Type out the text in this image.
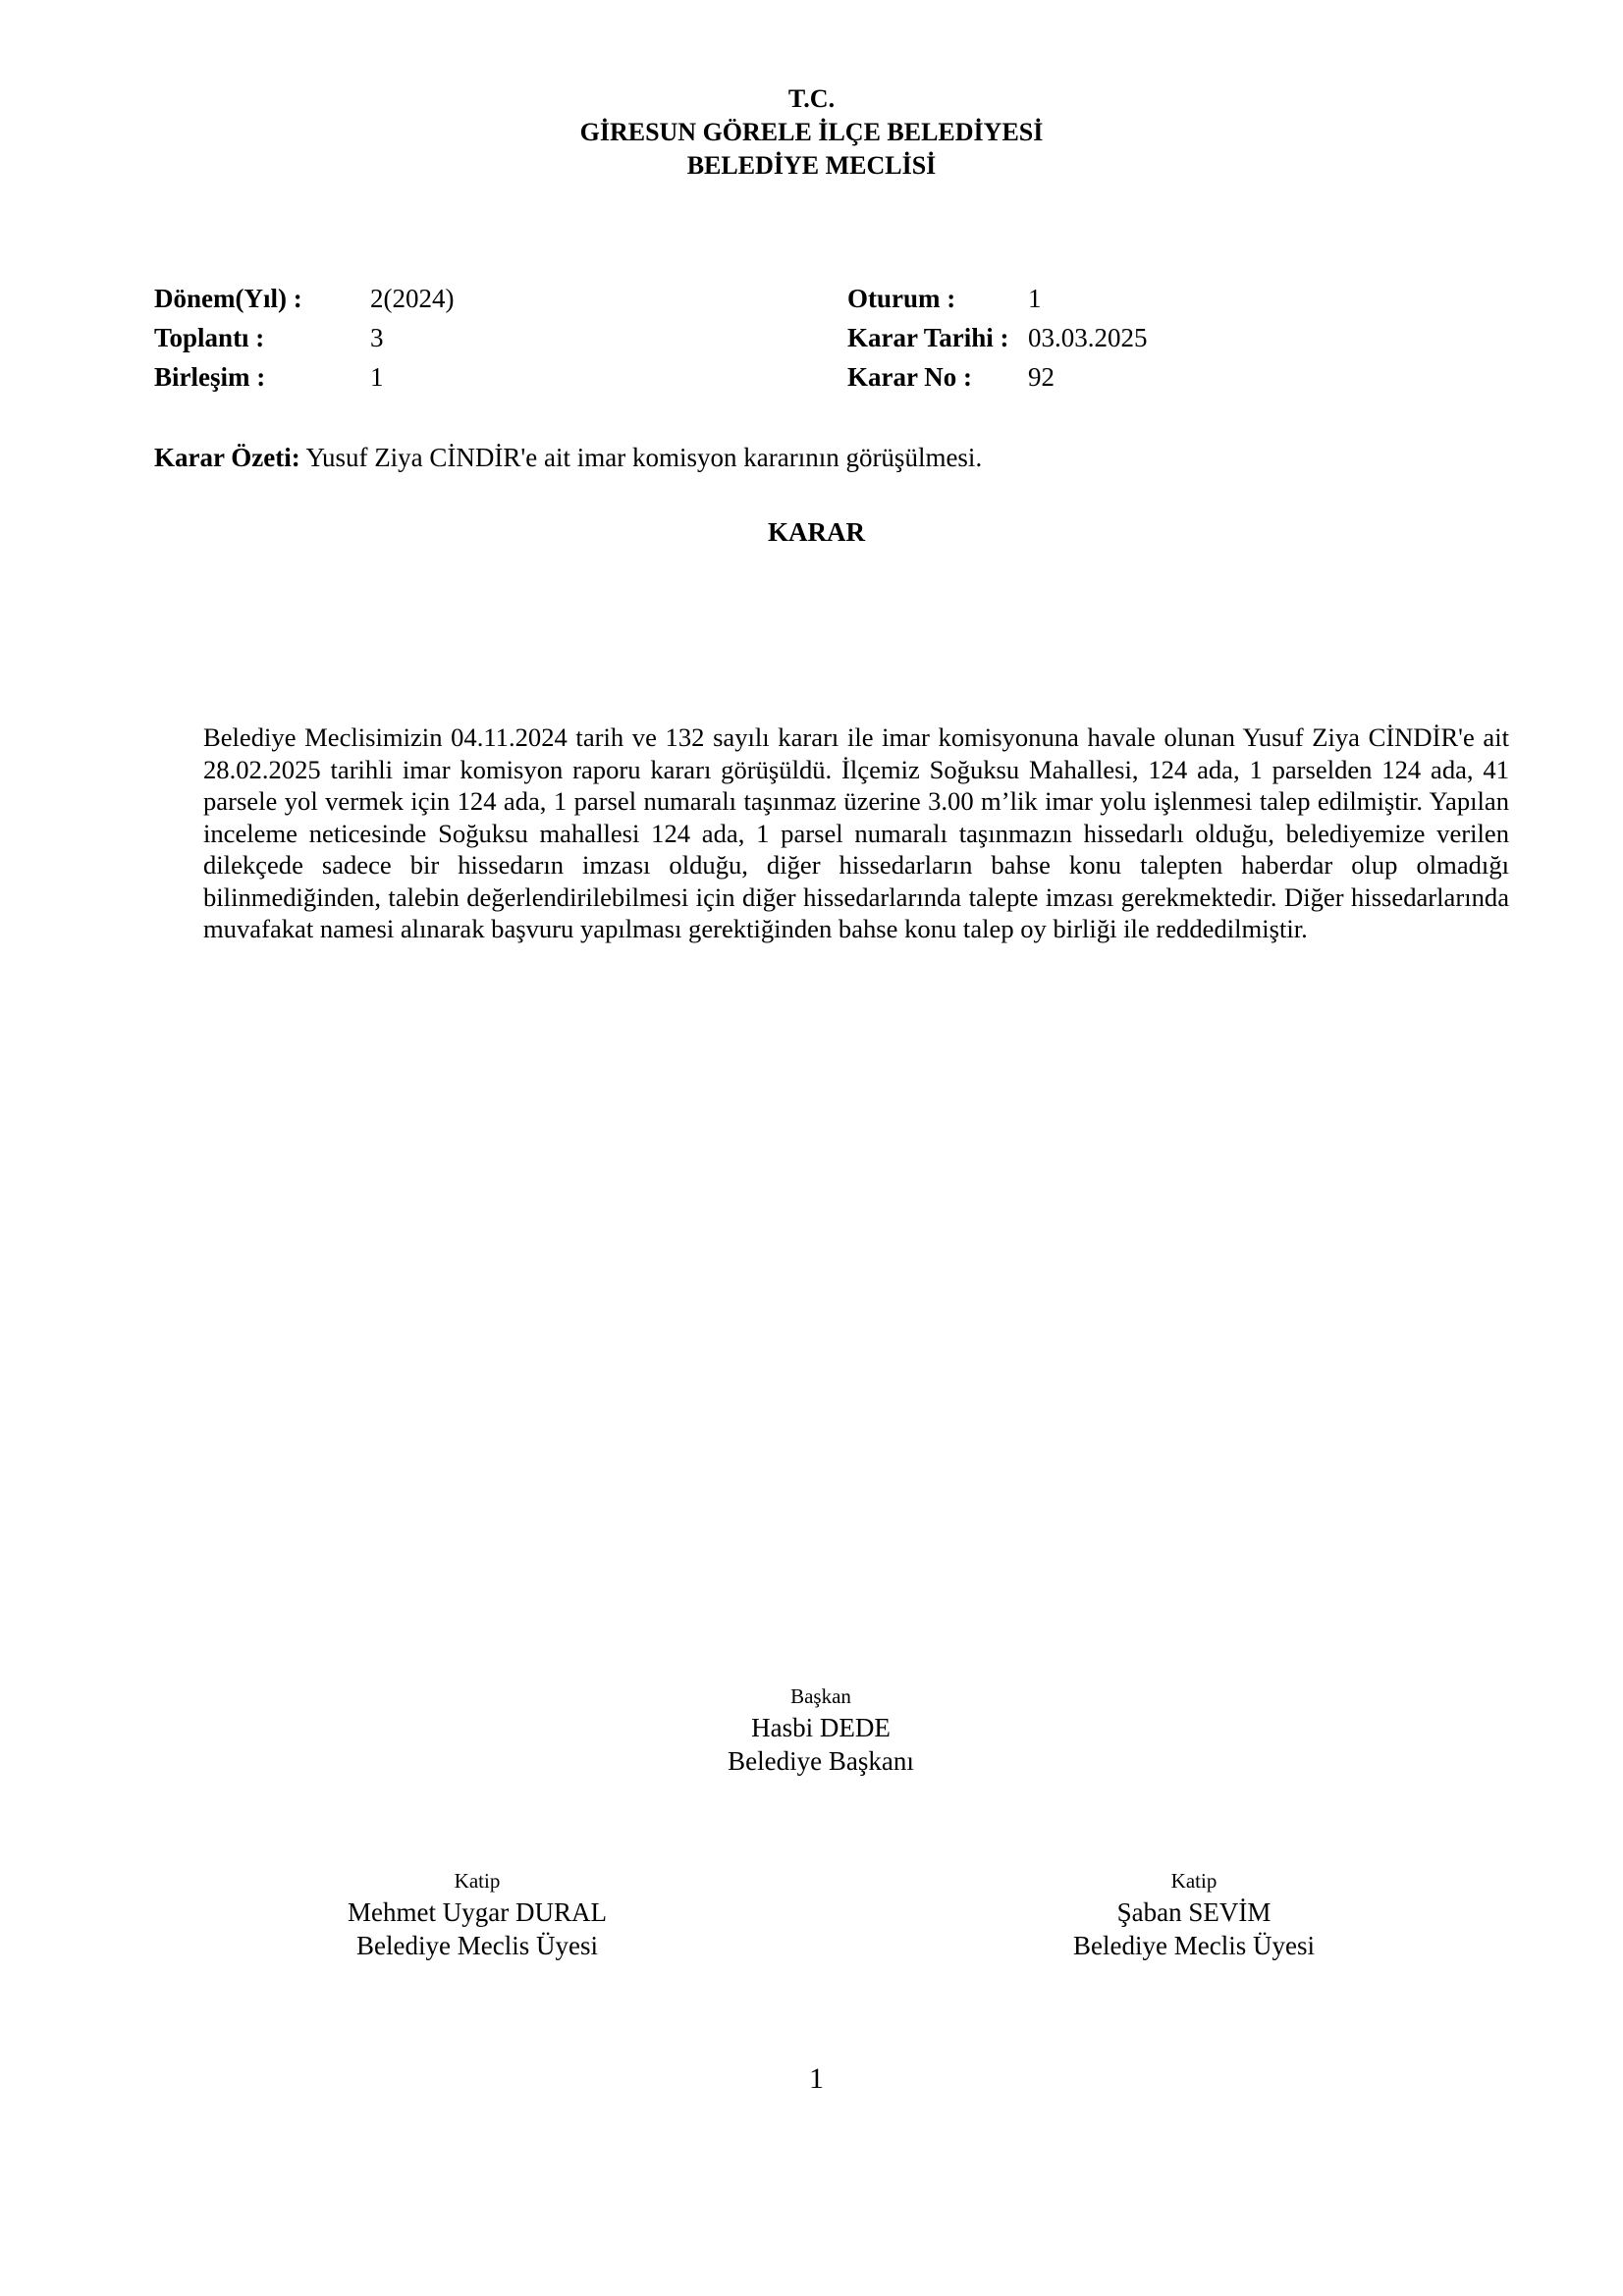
T.C.
GİRESUN GÖRELE İLÇE BELEDİYESİ
BELEDİYE MECLİSİ
Dönem(Yıl) :	2(2024)	Oturum :	1
Toplantı :	3	Karar Tarihi : 03.03.2025
Birleşim :	1	Karar No : 92
Karar Özeti: Yusuf Ziya CİNDİR'e ait imar komisyon kararının görüşülmesi.
KARAR
Belediye Meclisimizin 04.11.2024 tarih ve 132 sayılı kararı ile imar komisyonuna havale olunan Yusuf Ziya CİNDİR'e ait 28.02.2025 tarihli imar komisyon raporu kararı görüşüldü. İlçemiz Soğuksu Mahallesi, 124 ada, 1 parselden 124 ada, 41 parsele yol vermek için 124 ada, 1 parsel numaralı taşınmaz üzerine 3.00 m’lik imar yolu işlenmesi talep edilmiştir. Yapılan inceleme neticesinde Soğuksu mahallesi 124 ada, 1 parsel numaralı taşınmazın hissedarlı olduğu, belediyemize verilen dilekçede sadece bir hissedarın imzası olduğu, diğer hissedarların bahse konu talepten haberdar olup olmadığı bilinmediğinden, talebin değerlendirilebilmesi için diğer hissedarlarında talepte imzası gerekmektedir. Diğer hissedarlarında muvafakat namesi alınarak başvuru yapılması gerektiğinden bahse konu talep oy birliği ile reddedilmiştir.
Başkan
Hasbi DEDE
Belediye Başkanı
Katip
Mehmet Uygar DURAL
Belediye Meclis Üyesi
Katip
Şaban SEVİM
Belediye Meclis Üyesi
1
